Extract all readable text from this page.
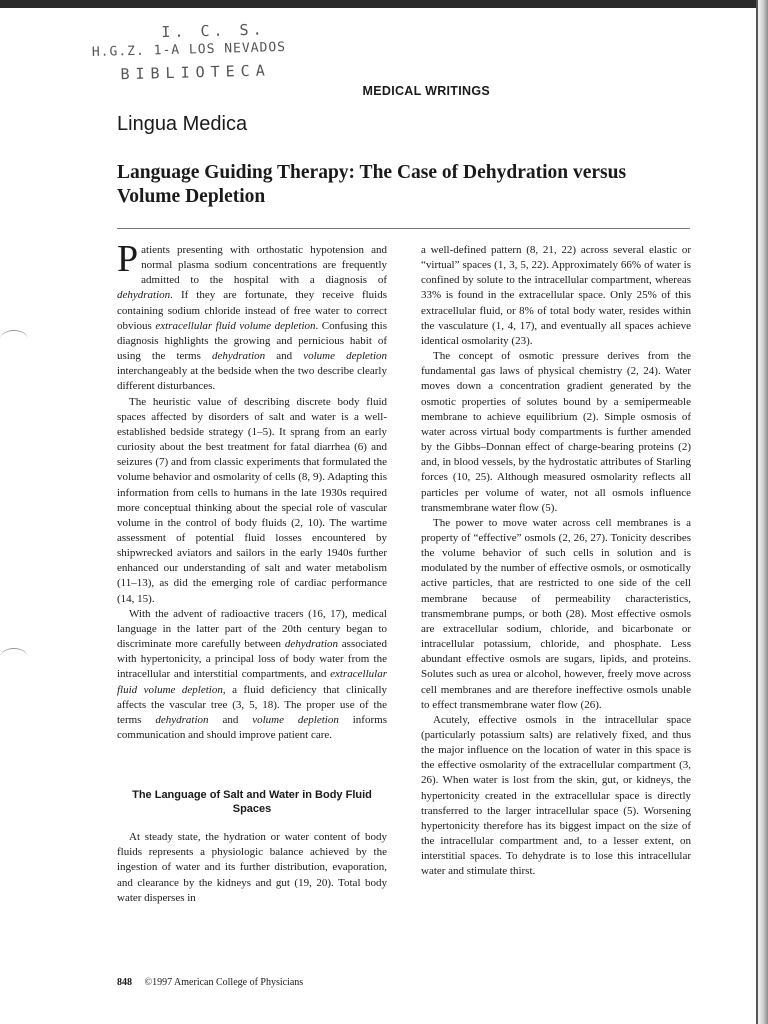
I. C. S.
H.G.Z. 1-A LOS NEVADOS
BIBLIOTECA
MEDICAL WRITINGS
Lingua Medica
Language Guiding Therapy: The Case of Dehydration versus Volume Depletion

Patients presenting with orthostatic hypotension and normal plasma sodium concentrations are frequently admitted to the hospital with a diagnosis of dehydration. If they are fortunate, they receive fluids containing sodium chloride instead of free water to correct obvious extracellular fluid volume depletion. Confusing this diagnosis highlights the growing and pernicious habit of using the terms dehydration and volume depletion interchangeably at the bedside when the two describe clearly different disturbances.

The heuristic value of describing discrete body fluid spaces affected by disorders of salt and water is a well-established bedside strategy (1–5). It sprang from an early curiosity about the best treatment for fatal diarrhea (6) and seizures (7) and from classic experiments that formulated the volume behavior and osmolarity of cells (8, 9). Adapting this information from cells to humans in the late 1930s required more conceptual thinking about the special role of vascular volume in the control of body fluids (2, 10). The wartime assessment of potential fluid losses encountered by shipwrecked aviators and sailors in the early 1940s further enhanced our understanding of salt and water metabolism (11–13), as did the emerging role of cardiac performance (14, 15).

With the advent of radioactive tracers (16, 17), medical language in the latter part of the 20th century began to discriminate more carefully between dehydration associated with hypertonicity, a principal loss of body water from the intracellular and interstitial compartments, and extracellular fluid volume depletion, a fluid deficiency that clinically affects the vascular tree (3, 5, 18). The proper use of the terms dehydration and volume depletion informs communication and should improve patient care.

The Language of Salt and Water in Body Fluid Spaces

At steady state, the hydration or water content of body fluids represents a physiologic balance achieved by the ingestion of water and its further distribution, evaporation, and clearance by the kidneys and gut (19, 20). Total body water disperses in

a well-defined pattern (8, 21, 22) across several elastic or “virtual” spaces (1, 3, 5, 22). Approximately 66% of water is confined by solute to the intracellular compartment, whereas 33% is found in the extracellular space. Only 25% of this extracellular fluid, or 8% of total body water, resides within the vasculature (1, 4, 17), and eventually all spaces achieve identical osmolarity (23).

The concept of osmotic pressure derives from the fundamental gas laws of physical chemistry (2, 24). Water moves down a concentration gradient generated by the osmotic properties of solutes bound by a semipermeable membrane to achieve equilibrium (2). Simple osmosis of water across virtual body compartments is further amended by the Gibbs–Donnan effect of charge-bearing proteins (2) and, in blood vessels, by the hydrostatic attributes of Starling forces (10, 25). Although measured osmolarity reflects all particles per volume of water, not all osmols influence transmembrane water flow (5).

The power to move water across cell membranes is a property of “effective” osmols (2, 26, 27). Tonicity describes the volume behavior of such cells in solution and is modulated by the number of effective osmols, or osmotically active particles, that are restricted to one side of the cell membrane because of permeability characteristics, transmembrane pumps, or both (28). Most effective osmols are extracellular sodium, chloride, and bicarbonate or intracellular potassium, chloride, and phosphate. Less abundant effective osmols are sugars, lipids, and proteins. Solutes such as urea or alcohol, however, freely move across cell membranes and are therefore ineffective osmols unable to effect transmembrane water flow (26).

Acutely, effective osmols in the intracellular space (particularly potassium salts) are relatively fixed, and thus the major influence on the location of water in this space is the effective osmolarity of the extracellular compartment (3, 26). When water is lost from the skin, gut, or kidneys, the hypertonicity created in the extracellular space is directly transferred to the larger intracellular space (5). Worsening hypertonicity therefore has its biggest impact on the size of the intracellular compartment and, to a lesser extent, on interstitial spaces. To dehydrate is to lose this intracellular water and stimulate thirst.

848 ©1997 American College of Physicians
